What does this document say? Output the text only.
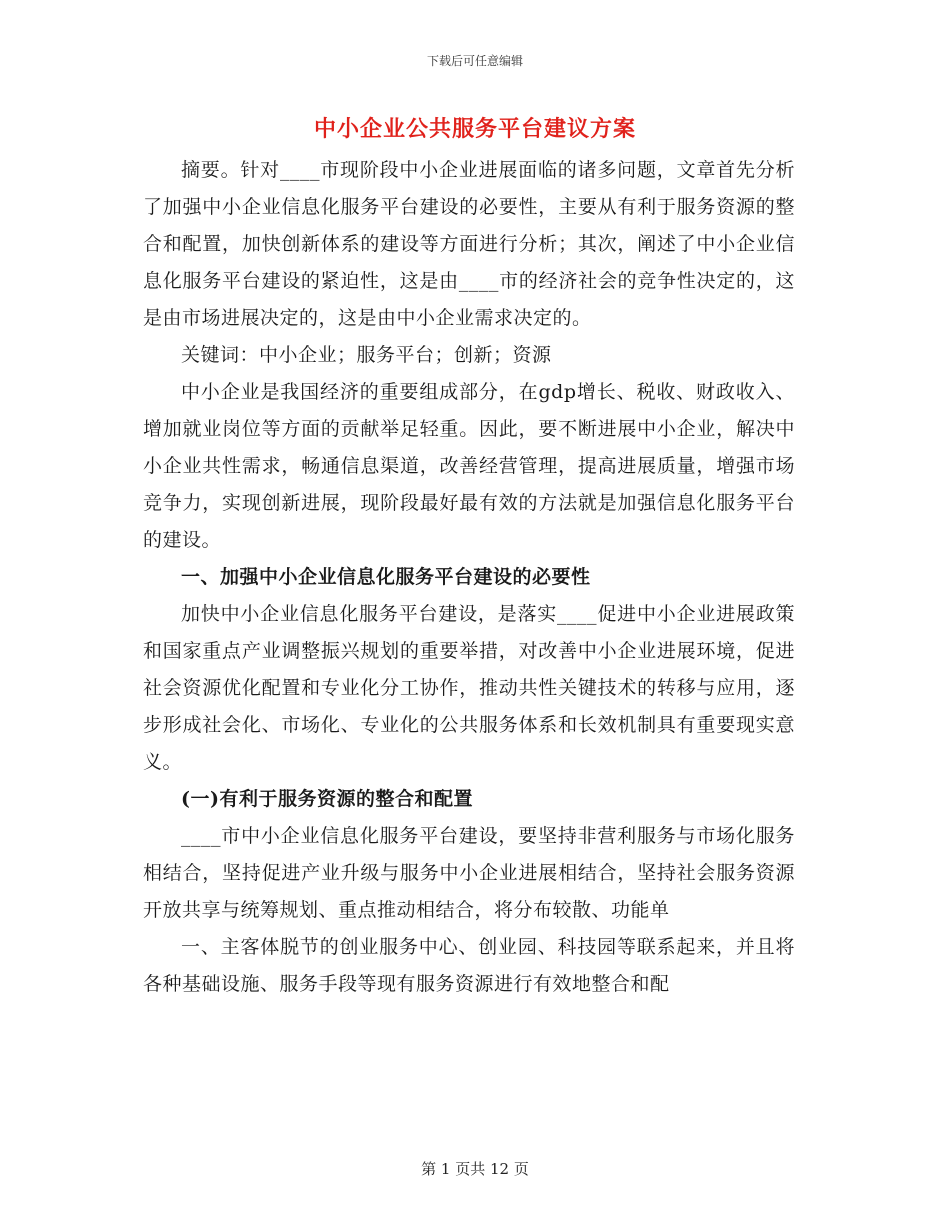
下载后可任意编辑
中小企业公共服务平台建议方案

摘要。针对____市现阶段中小企业进展面临的诸多问题，文章首先分析了加强中小企业信息化服务平台建设的必要性，主要从有利于服务资源的整合和配置，加快创新体系的建设等方面进行分析；其次，阐述了中小企业信息化服务平台建设的紧迫性，这是由____市的经济社会的竞争性决定的，这是由市场进展决定的，这是由中小企业需求决定的。

关键词：中小企业；服务平台；创新；资源

中小企业是我国经济的重要组成部分，在gdp增长、税收、财政收入、增加就业岗位等方面的贡献举足轻重。因此，要不断进展中小企业，解决中小企业共性需求，畅通信息渠道，改善经营管理，提高进展质量，增强市场竞争力，实现创新进展，现阶段最好最有效的方法就是加强信息化服务平台的建设。

一、加强中小企业信息化服务平台建设的必要性

加快中小企业信息化服务平台建设，是落实____促进中小企业进展政策和国家重点产业调整振兴规划的重要举措，对改善中小企业进展环境，促进社会资源优化配置和专业化分工协作，推动共性关键技术的转移与应用，逐步形成社会化、市场化、专业化的公共服务体系和长效机制具有重要现实意义。

(一)有利于服务资源的整合和配置

____市中小企业信息化服务平台建设，要坚持非营利服务与市场化服务相结合，坚持促进产业升级与服务中小企业进展相结合，坚持社会服务资源开放共享与统筹规划、重点推动相结合，将分布较散、功能单

一、主客体脱节的创业服务中心、创业园、科技园等联系起来，并且将各种基础设施、服务手段等现有服务资源进行有效地整合和配

第 1 页共 12 页
